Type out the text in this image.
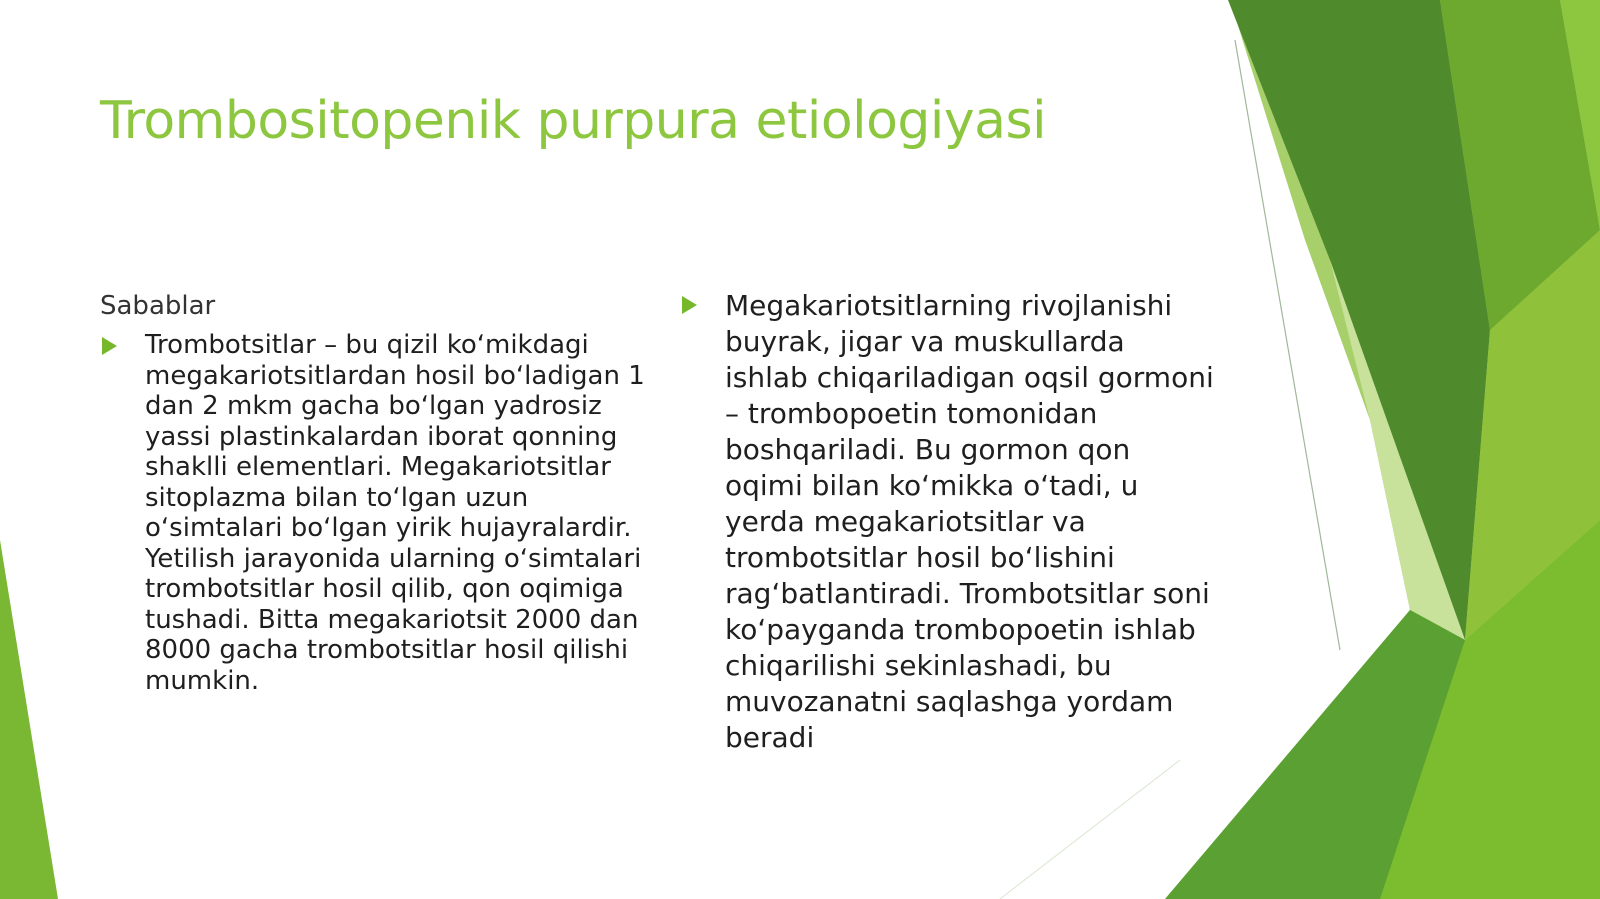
Trombositopenik purpura etiologiyasi
Sabablar
Trombotsitlar – bu qizil koʻmikdagi megakariotsitlardan hosil boʻladigan 1 dan 2 mkm gacha boʻlgan yadrosiz yassi plastinkalardan iborat qonning shaklli elementlari. Megakariotsitlar sitoplazma bilan toʻlgan uzun oʻsimtalari boʻlgan yirik hujayralardir. Yetilish jarayonida ularning oʻsimtalari trombotsitlar hosil qilib, qon oqimiga tushadi. Bitta megakariotsit 2000 dan 8000 gacha trombotsitlar hosil qilishi mumkin.
Megakariotsitlarning rivojlanishi buyrak, jigar va muskullarda ishlab chiqariladigan oqsil gormoni – trombopoetin tomonidan boshqariladi. Bu gormon qon oqimi bilan koʻmikka oʻtadi, u yerda megakariotsitlar va trombotsitlar hosil boʻlishini ragʻbatlantiradi. Trombotsitlar soni koʻpayganda trombopoetin ishlab chiqarilishi sekinlashadi, bu muvozanatni saqlashga yordam beradi
